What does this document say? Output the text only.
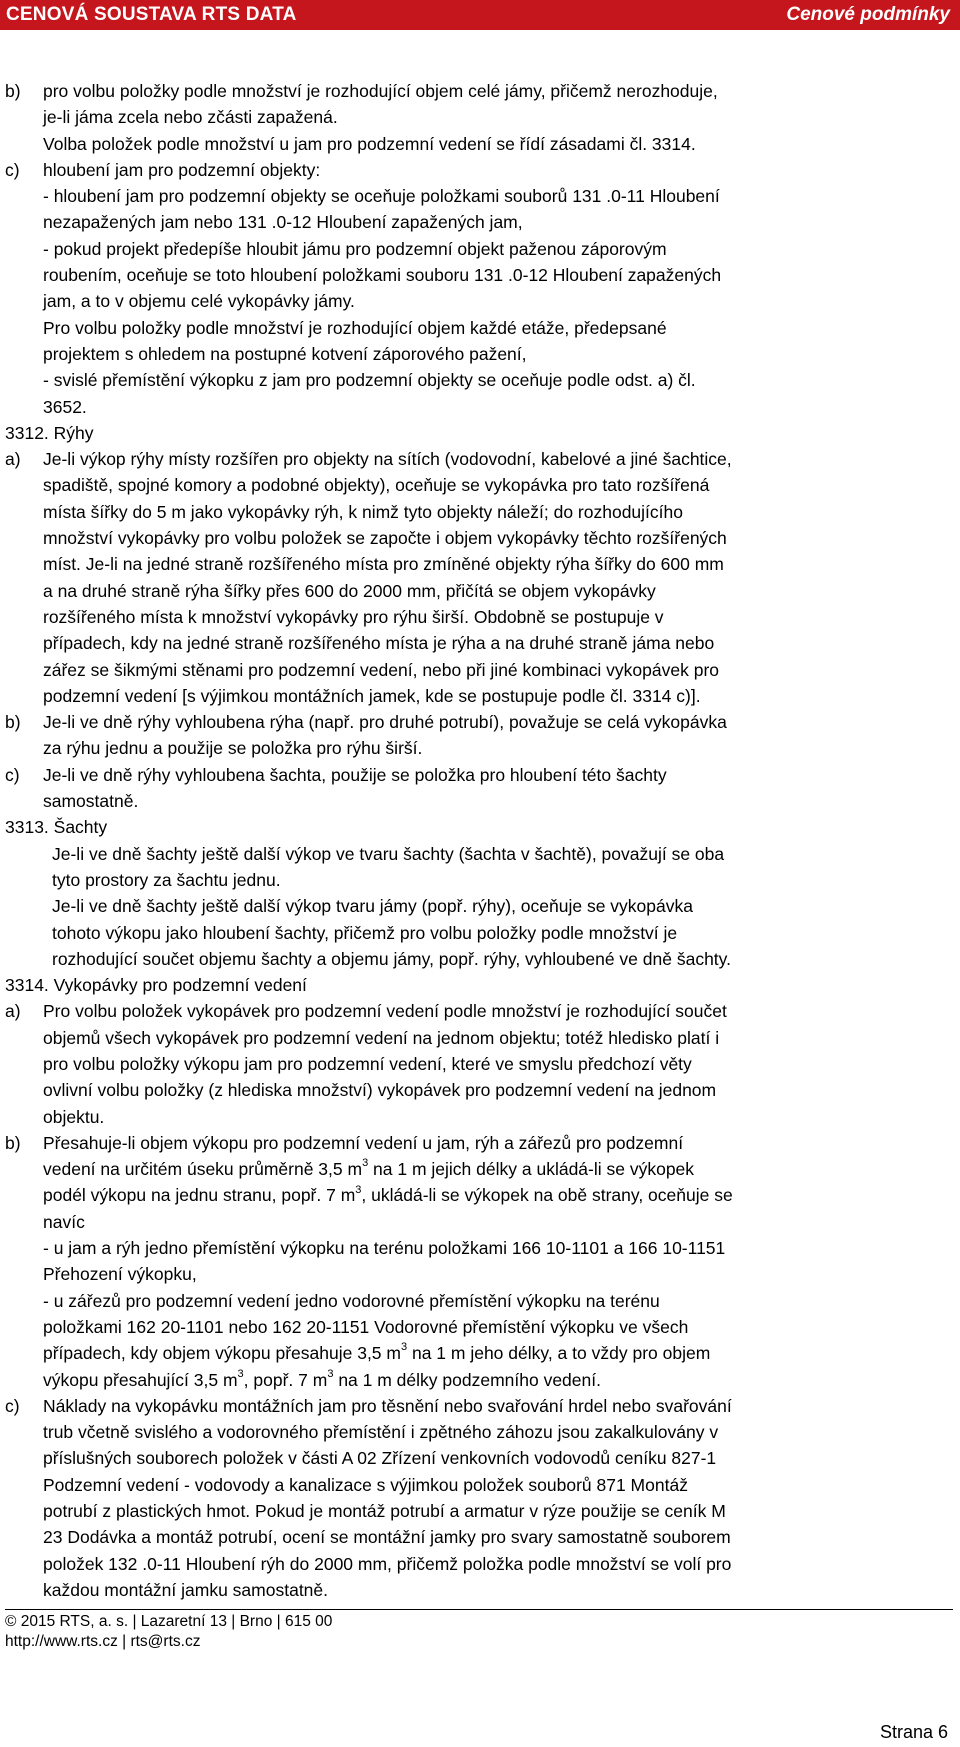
CENOVÁ SOUSTAVA RTS DATA	Cenové podmínky
b)	pro volbu položky podle množství je rozhodující objem celé jámy, přičemž nerozhoduje,
je-li jáma zcela nebo zčásti zapažená.
Volba položek podle množství u jam pro podzemní vedení se řídí zásadami čl. 3314.
c)	hloubení jam pro podzemní objekty:
- hloubení jam pro podzemní objekty se oceňuje položkami souborů 131 .0-11 Hloubení
nezapažených jam nebo 131 .0-12 Hloubení zapažených jam,
- pokud projekt předepíše hloubit jámu pro podzemní objekt paženou záporovým
roubením, oceňuje se toto hloubení položkami souboru 131 .0-12 Hloubení zapažených
jam, a to v objemu celé vykopávky jámy.
Pro volbu položky podle množství je rozhodující objem každé etáže, předepsané
projektem s ohledem na postupné kotvení záporového pažení,
- svislé přemístění výkopku z jam pro podzemní objekty se oceňuje podle odst. a) čl.
3652.
3312. Rýhy
a)	Je-li výkop rýhy místy rozšířen pro objekty na sítích (vodovodní, kabelové a jiné šachtice,
spadiště, spojné komory a podobné objekty), oceňuje se vykopávka pro tato rozšířená
místa šířky do 5 m jako vykopávky rýh, k nimž tyto objekty náleží; do rozhodujícího
množství vykopávky pro volbu položek se započte i objem vykopávky těchto rozšířených
míst. Je-li na jedné straně rozšířeného místa pro zmíněné objekty rýha šířky do 600 mm
a na druhé straně rýha šířky přes 600 do 2000 mm, přičítá se objem vykopávky
rozšířeného místa k množství vykopávky pro rýhu širší. Obdobně se postupuje v
případech, kdy na jedné straně rozšířeného místa je rýha a na druhé straně jáma nebo
zářez se šikmými stěnami pro podzemní vedení, nebo při jiné kombinaci vykopávek pro
podzemní vedení [s výjimkou montážních jamek, kde se postupuje podle čl. 3314 c)].
b)	Je-li ve dně rýhy vyhloubena rýha (např. pro druhé potrubí), považuje se celá vykopávka
za rýhu jednu a použije se položka pro rýhu širší.
c)	Je-li ve dně rýhy vyhloubena šachta, použije se položka pro hloubení této šachty
samostatně.
3313. Šachty
Je-li ve dně šachty ještě další výkop ve tvaru šachty (šachta v šachtě), považují se oba
tyto prostory za šachtu jednu.
Je-li ve dně šachty ještě další výkop tvaru jámy (popř. rýhy), oceňuje se vykopávka
tohoto výkopu jako hloubení šachty, přičemž pro volbu položky podle množství je
rozhodující součet objemu šachty a objemu jámy, popř. rýhy, vyhloubené ve dně šachty.
3314. Vykopávky pro podzemní vedení
a)	Pro volbu položek vykopávek pro podzemní vedení podle množství je rozhodující součet
objemů všech vykopávek pro podzemní vedení na jednom objektu; totéž hledisko platí i
pro volbu položky výkopu jam pro podzemní vedení, které ve smyslu předchozí věty
ovlivní volbu položky (z hlediska množství) vykopávek pro podzemní vedení na jednom
objektu.
b)	Přesahuje-li objem výkopu pro podzemní vedení u jam, rýh a zářezů pro podzemní
vedení na určitém úseku průměrně 3,5 $m^3$ na 1 m jejich délky a ukládá-li se výkopek
podél výkopu na jednu stranu, popř. 7 $m^3$, ukládá-li se výkopek na obě strany, oceňuje se
navíc
- u jam a rýh jedno přemístění výkopku na terénu položkami 166 10-1101 a 166 10-1151
Přehození výkopku,
- u zářezů pro podzemní vedení jedno vodorovné přemístění výkopku na terénu
položkami 162 20-1101 nebo 162 20-1151 Vodorovné přemístění výkopku ve všech
případech, kdy objem výkopu přesahuje 3,5 $m^3$ na 1 m jeho délky, a to vždy pro objem
výkopu přesahující 3,5 $m^3$, popř. 7 $m^3$ na 1 m délky podzemního vedení.
c)	Náklady na vykopávku montážních jam pro těsnění nebo svařování hrdel nebo svařování
trub včetně svislého a vodorovného přemístění i zpětného záhozu jsou zakalkulovány v
příslušných souborech položek v části A 02 Zřízení venkovních vodovodů ceníku 827-1
Podzemní vedení - vodovody a kanalizace s výjimkou položek souborů 871 Montáž
potrubí z plastických hmot. Pokud je montáž potrubí a armatur v rýze použije se ceník M
23 Dodávka a montáž potrubí, ocení se montážní jamky pro svary samostatně souborem
položek 132 .0-11 Hloubení rýh do 2000 mm, přičemž položka podle množství se volí pro
každou montážní jamku samostatně.
© 2015 RTS, a. s. | Lazaretní 13 | Brno | 615 00
http://www.rts.cz | rts@rts.cz
Strana 6
